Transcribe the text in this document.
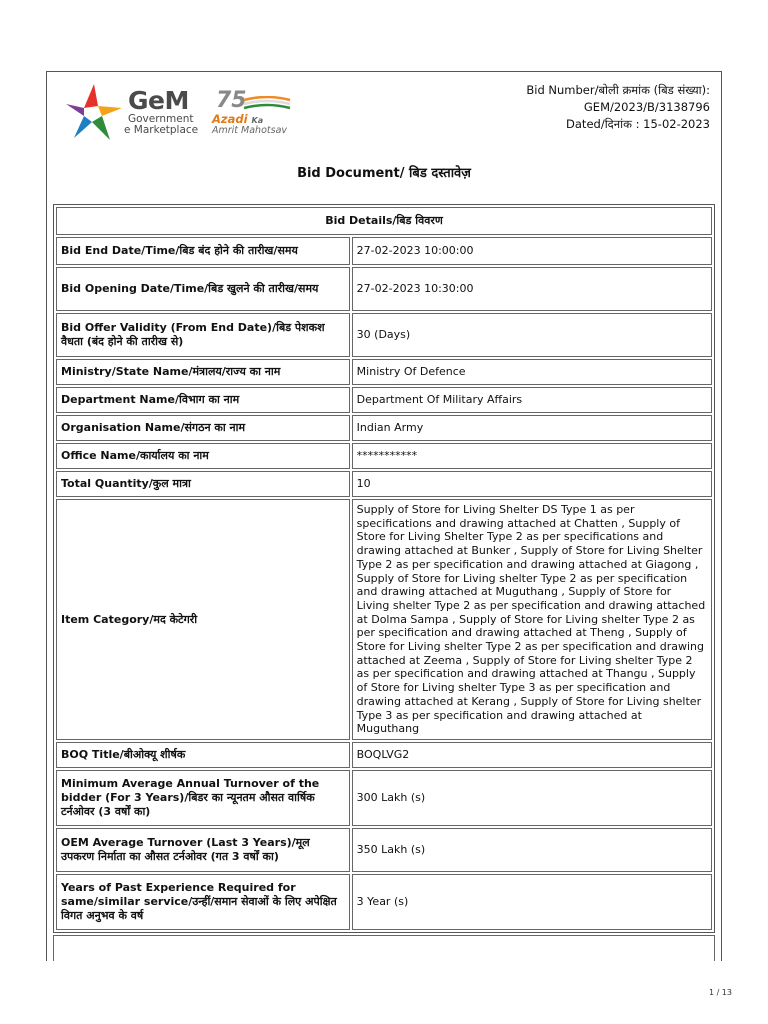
GeM
Government
e Marketplace
75
Azadi Ka
Amrit Mahotsav
Bid Number/बोली क्रमांक (बिड संख्या):
GEM/2023/B/3138796
Dated/दिनांक : 15-02-2023
Bid Document/ बिड दस्तावेज़
Bid Details/बिड विवरण	
Bid End Date/Time/बिड बंद होने की तारीख/समय	27-02-2023 10:00:00
Bid Opening Date/Time/बिड खुलने की तारीख/समय	27-02-2023 10:30:00
Bid Offer Validity (From End Date)/बिड पेशकश वैधता (बंद होने की तारीख से)	30 (Days)
Ministry/State Name/मंत्रालय/राज्य का नाम	Ministry Of Defence
Department Name/विभाग का नाम	Department Of Military Affairs
Organisation Name/संगठन का नाम	Indian Army
Office Name/कार्यालय का नाम	***********
Total Quantity/कुल मात्रा	10
Item Category/मद केटेगरी	Supply of Store for Living Shelter DS Type 1 as per specifications and drawing attached at Chatten , Supply of Store for Living Shelter Type 2 as per specifications and drawing attached at Bunker , Supply of Store for Living Shelter Type 2 as per specification and drawing attached at Giagong , Supply of Store for Living shelter Type 2 as per specification and drawing attached at Muguthang , Supply of Store for Living shelter Type 2 as per specification and drawing attached at Dolma Sampa , Supply of Store for Living shelter Type 2 as per specification and drawing attached at Theng , Supply of Store for Living shelter Type 2 as per specification and drawing attached at Zeema , Supply of Store for Living shelter Type 2 as per specification and drawing attached at Thangu , Supply of Store for Living shelter Type 3 as per specification and drawing attached at Kerang , Supply of Store for Living shelter Type 3 as per specification and drawing attached at Muguthang
BOQ Title/बीओक्यू शीर्षक	BOQLVG2
Minimum Average Annual Turnover of the bidder (For 3 Years)/बिडर का न्यूनतम औसत वार्षिक टर्नओवर (3 वर्षों का)	300 Lakh (s)
OEM Average Turnover (Last 3 Years)/मूल उपकरण निर्माता का औसत टर्नओवर (गत 3 वर्षों का)	350 Lakh (s)
Years of Past Experience Required for same/similar service/उन्हीं/समान सेवाओं के लिए अपेक्षित विगत अनुभव के वर्ष	3 Year (s)
1 / 13
